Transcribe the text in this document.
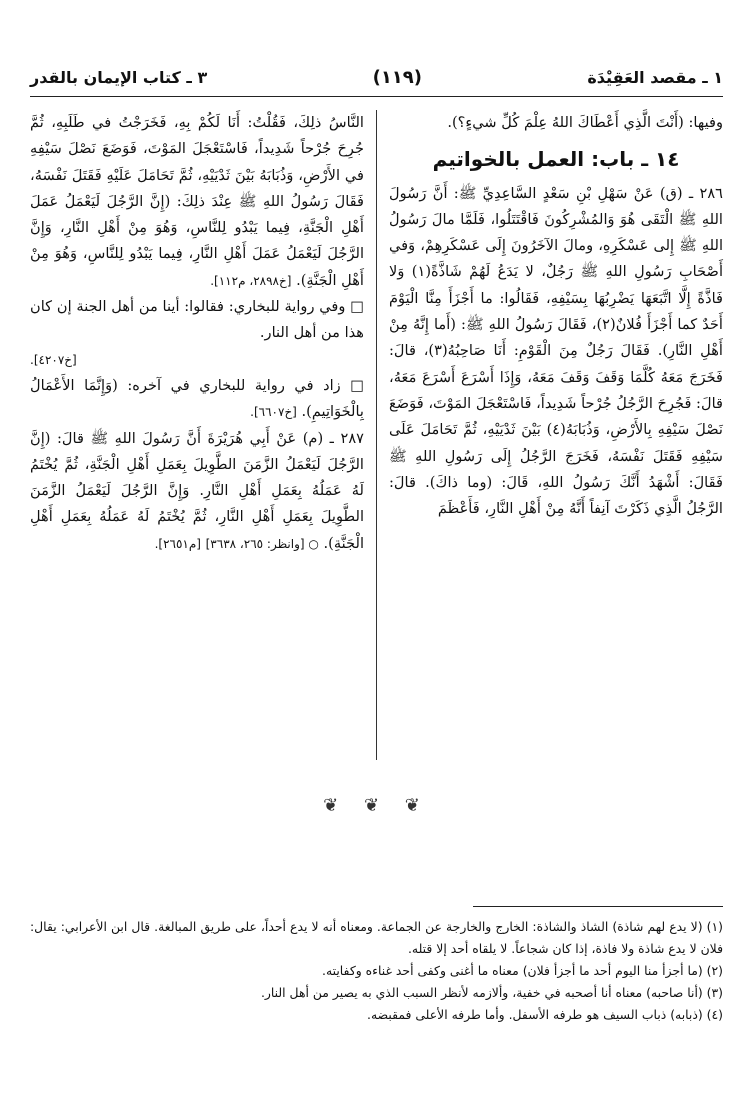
١ ـ مقصد العَقِيْدَة
(١١٩)
٣ ـ كتاب الإيمان بالقدر

وفيها: (أَنْتَ الَّذِي أَعْطَاكَ اللهُ عِلْمَ كُلِّ شيءٍ؟).

١٤ ـ باب: العمل بالخواتيم

٢٨٦ ـ (ق) عَنْ سَهْلِ بْنِ سَعْدٍ السَّاعِدِيِّ ﷺ: أَنَّ رَسُولَ اللهِ ﷺ الْتَقَى هُوَ وَالمُشْرِكُونَ فَاقْتَتَلُوا، فَلَمَّا مالَ رَسُولُ اللهِ ﷺ إِلى عَسْكَرِهِ، ومالَ الآخَرُونَ إِلَى عَسْكَرِهِمْ، وَفي أَصْحَابِ رَسُولِ اللهِ ﷺ رَجُلٌ، لا يَدَعُ لَهُمْ شَاذَّةً(١) وَلا فَاذَّةً إِلَّا اتَّبَعَهَا يَضْرِبُهَا بِسَيْفِهِ، فَقَالُوا: ما أَجْزَأَ مِنَّا الْيَوْمَ أَحَدٌ كما أَجْزَأَ فُلانٌ(٢)، فَقَالَ رَسُولُ اللهِ ﷺ: (أَما إِنَّهُ مِنْ أَهْلِ النَّارِ). فَقَالَ رَجُلٌ مِنَ الْقَوْمِ: أَنَا صَاحِبُهُ(٣)، قالَ: فَخَرَجَ مَعَهُ كُلَّمَا وَقَفَ وَقَفَ مَعَهُ، وَإِذَا أَسْرَعَ أَسْرَعَ مَعَهُ، قالَ: فَجُرِحَ الرَّجُلُ جُرْحاً شَدِيداً، فَاسْتَعْجَلَ المَوْتَ، فَوَضَعَ نَصْلَ سَيْفِهِ بِالأَرْضِ، وَذُبَابَهُ(٤) بَيْنَ ثَدْيَيْهِ، ثُمَّ تَحَامَلَ عَلَى سَيْفِهِ فَقَتَلَ نَفْسَهُ، فَخَرَجَ الرَّجُلُ إِلَى رَسُولِ اللهِ ﷺ فَقَالَ: أَشْهَدُ أَنَّكَ رَسُولُ اللهِ، قَالَ: (وما ذاكَ). قالَ: الرَّجُلُ الَّذِي ذَكَرْتَ آنِفاً أَنَّهُ مِنْ أَهْلِ النَّارِ، فَأَعْظَمَ

النَّاسُ ذلِكَ، فَقُلْتُ: أَنَا لَكُمْ بِهِ، فَخَرَجْتُ في طَلَبِهِ، ثُمَّ جُرِحَ جُرْحاً شَدِيداً، فَاسْتَعْجَلَ المَوْتَ، فَوَضَعَ نَصْلَ سَيْفِهِ في الأَرْضِ، وَذُبَابَهُ بَيْنَ ثَدْيَيْهِ، ثُمَّ تَحَامَلَ عَلَيْهِ فَقَتَلَ نَفْسَهُ، فَقَالَ رَسُولُ اللهِ ﷺ عِنْدَ ذلِكَ: (إِنَّ الرَّجُلَ لَيَعْمَلُ عَمَلَ أَهْلِ الْجَنَّةِ، فِيما يَبْدُو لِلنَّاسِ، وَهُوَ مِنْ أَهْلِ النَّارِ، وَإِنَّ الرَّجُلَ لَيَعْمَلُ عَمَلَ أَهْلِ النَّارِ، فِيما يَبْدُو لِلنَّاسِ، وَهُوَ مِنْ أَهْلِ الْجَنَّةِ). [خ٢٨٩٨، م١١٢].

□ وفي رواية للبخاري: فقالوا: أينا من أهل الجنة إن كان هذا من أهل النار.

[خ٤٢٠٧].

□ زاد في رواية للبخاري في آخره: (وَإِنَّمَا الأَعْمَالُ بِالْخَوَاتِيمِ). [خ٦٦٠٧].

٢٨٧ ـ (م) عَنْ أَبِي هُرَيْرَةَ أَنَّ رَسُولَ اللهِ ﷺ قالَ: (إِنَّ الرَّجُلَ لَيَعْمَلُ الزَّمَنَ الطَّوِيلَ بِعَمَلِ أَهْلِ الْجَنَّةِ، ثُمَّ يُخْتَمُ لَهُ عَمَلُهُ بِعَمَلِ أَهْلِ النَّارِ. وَإِنَّ الرَّجُلَ لَيَعْمَلُ الزَّمَنَ الطَّوِيلَ بِعَمَلِ أَهْلِ النَّارِ، ثُمَّ يُخْتَمُ لَهُ عَمَلُهُ بِعَمَلِ أَهْلِ الْجَنَّةِ). ○ [وانظر: ٢٦٥، ٣٦٣٨] [م٢٦٥١].

❦ ❦ ❦

(١) (لا يدع لهم شاذة) الشاذ والشاذة: الخارج والخارجة عن الجماعة. ومعناه أنه لا يدع أحداً، على طريق المبالغة. قال ابن الأعرابي: يقال: فلان لا يدع شاذة ولا فاذة، إذا كان شجاعاً. لا يلقاه أحد إلا قتله.

(٢) (ما أجزأ منا اليوم أحد ما أجزأ فلان) معناه ما أغنى وكفى أحد غناءه وكفايته.

(٣) (أنا صاحبه) معناه أنا أصحبه في خفية، وألازمه لأنظر السبب الذي به يصير من أهل النار.

(٤) (ذبابه) ذباب السيف هو طرفه الأسفل. وأما طرفه الأعلى فمقبضه.
